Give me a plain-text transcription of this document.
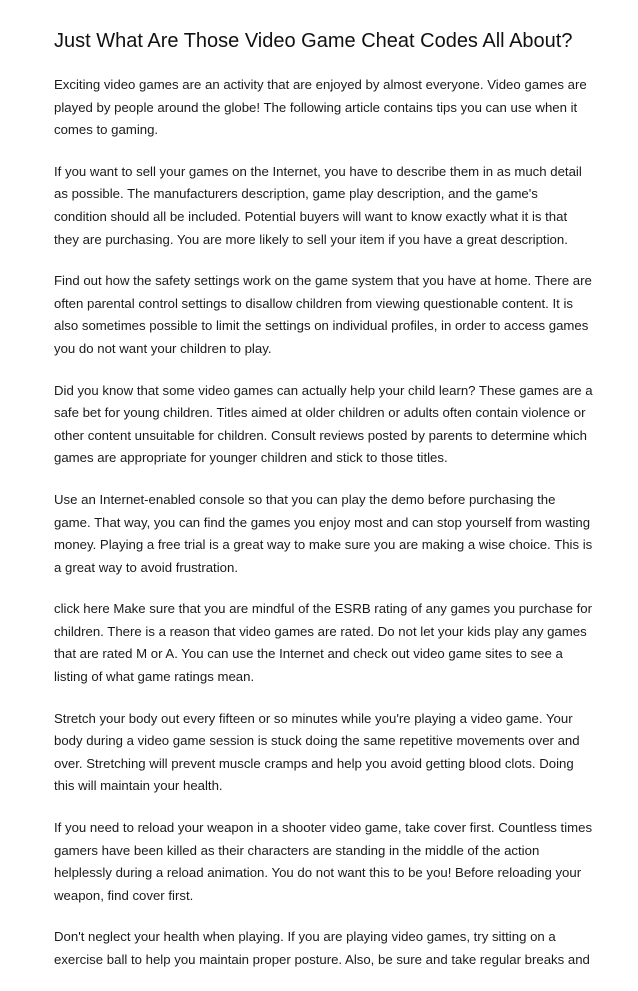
Just What Are Those Video Game Cheat Codes All About?

Exciting video games are an activity that are enjoyed by almost everyone. Video games are played by people around the globe! The following article contains tips you can use when it comes to gaming.

If you want to sell your games on the Internet, you have to describe them in as much detail as possible. The manufacturers description, game play description, and the game's condition should all be included. Potential buyers will want to know exactly what it is that they are purchasing. You are more likely to sell your item if you have a great description.

Find out how the safety settings work on the game system that you have at home. There are often parental control settings to disallow children from viewing questionable content. It is also sometimes possible to limit the settings on individual profiles, in order to access games you do not want your children to play.

Did you know that some video games can actually help your child learn? These games are a safe bet for young children. Titles aimed at older children or adults often contain violence or other content unsuitable for children. Consult reviews posted by parents to determine which games are appropriate for younger children and stick to those titles.

Use an Internet-enabled console so that you can play the demo before purchasing the game. That way, you can find the games you enjoy most and can stop yourself from wasting money. Playing a free trial is a great way to make sure you are making a wise choice. This is a great way to avoid frustration.

click here Make sure that you are mindful of the ESRB rating of any games you purchase for children. There is a reason that video games are rated. Do not let your kids play any games that are rated M or A. You can use the Internet and check out video game sites to see a listing of what game ratings mean.

Stretch your body out every fifteen or so minutes while you're playing a video game. Your body during a video game session is stuck doing the same repetitive movements over and over. Stretching will prevent muscle cramps and help you avoid getting blood clots. Doing this will maintain your health.

If you need to reload your weapon in a shooter video game, take cover first. Countless times gamers have been killed as their characters are standing in the middle of the action helplessly during a reload animation. You do not want this to be you! Before reloading your weapon, find cover first.

Don't neglect your health when playing. If you are playing video games, try sitting on a exercise ball to help you maintain proper posture. Also, be sure and take regular breaks and
